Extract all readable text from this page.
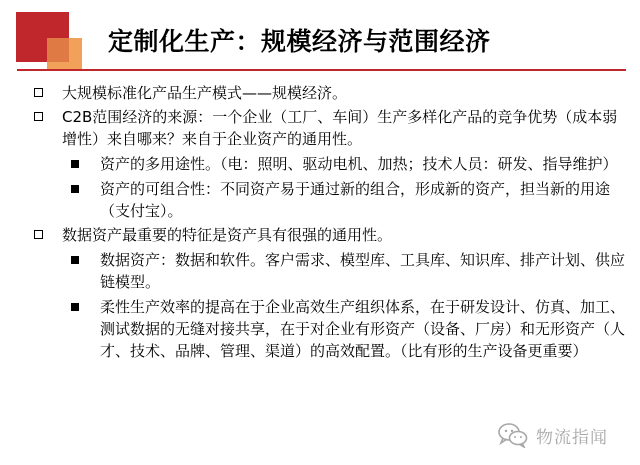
定制化生产：规模经济与范围经济
大规模标准化产品生产模式——规模经济。
C2B范围经济的来源：一个企业（工厂、车间）生产多样化产品的竞争优势（成本弱增性）来自哪来？来自于企业资产的通用性。
资产的多用途性。（电：照明、驱动电机、加热；技术人员：研发、指导维护）
资产的可组合性：不同资产易于通过新的组合，形成新的资产，担当新的用途（支付宝）。
数据资产最重要的特征是资产具有很强的通用性。
数据资产：数据和软件。客户需求、模型库、工具库、知识库、排产计划、供应链模型。
柔性生产效率的提高在于企业高效生产组织体系，在于研发设计、仿真、加工、测试数据的无缝对接共享，在于对企业有形资产（设备、厂房）和无形资产（人才、技术、品牌、管理、渠道）的高效配置。（比有形的生产设备更重要）
物流指闻
